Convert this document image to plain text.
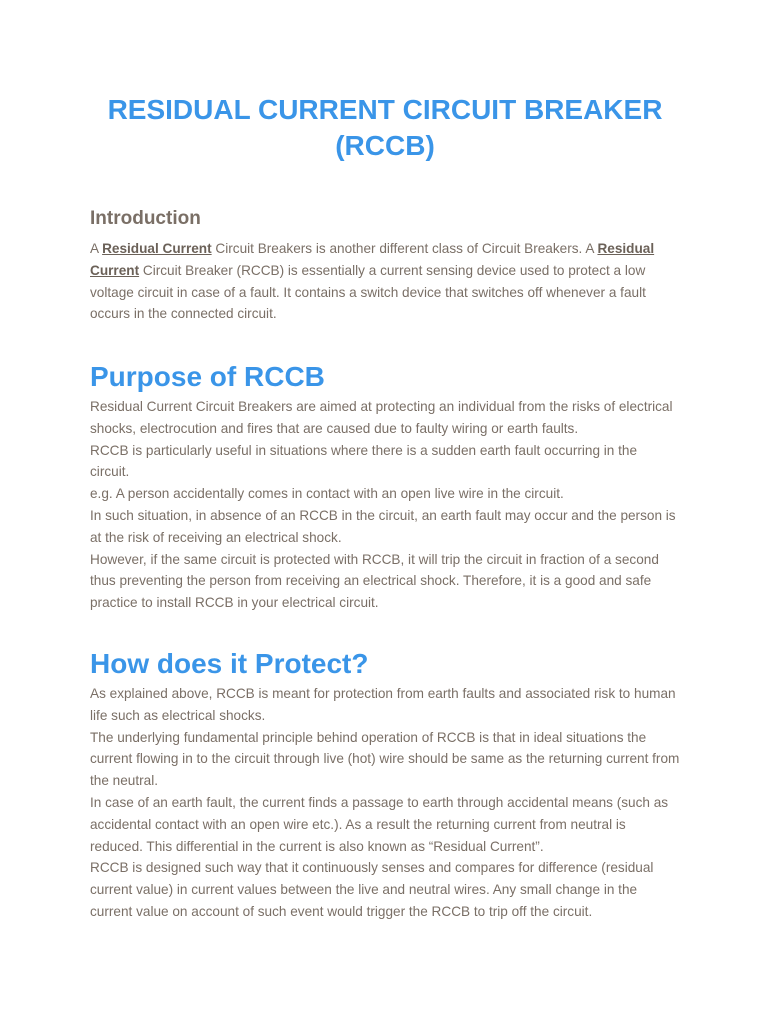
RESIDUAL CURRENT CIRCUIT BREAKER
(RCCB)
Introduction

A Residual Current Circuit Breakers is another different class of Circuit Breakers. A Residual Current Circuit Breaker (RCCB) is essentially a current sensing device used to protect a low voltage circuit in case of a fault. It contains a switch device that switches off whenever a fault occurs in the connected circuit.

Purpose of RCCB
Residual Current Circuit Breakers are aimed at protecting an individual from the risks of electrical shocks, electrocution and fires that are caused due to faulty wiring or earth faults.
RCCB is particularly useful in situations where there is a sudden earth fault occurring in the circuit.
e.g. A person accidentally comes in contact with an open live wire in the circuit.
In such situation, in absence of an RCCB in the circuit, an earth fault may occur and the person is at the risk of receiving an electrical shock.
However, if the same circuit is protected with RCCB, it will trip the circuit in fraction of a second thus preventing the person from receiving an electrical shock. Therefore, it is a good and safe practice to install RCCB in your electrical circuit.
How does it Protect?
As explained above, RCCB is meant for protection from earth faults and associated risk to human life such as electrical shocks.
The underlying fundamental principle behind operation of RCCB is that in ideal situations the current flowing in to the circuit through live (hot) wire should be same as the returning current from the neutral.
In case of an earth fault, the current finds a passage to earth through accidental means (such as accidental contact with an open wire etc.). As a result the returning current from neutral is reduced. This differential in the current is also known as “Residual Current”.
RCCB is designed such way that it continuously senses and compares for difference (residual current value) in current values between the live and neutral wires. Any small change in the current value on account of such event would trigger the RCCB to trip off the circuit.
